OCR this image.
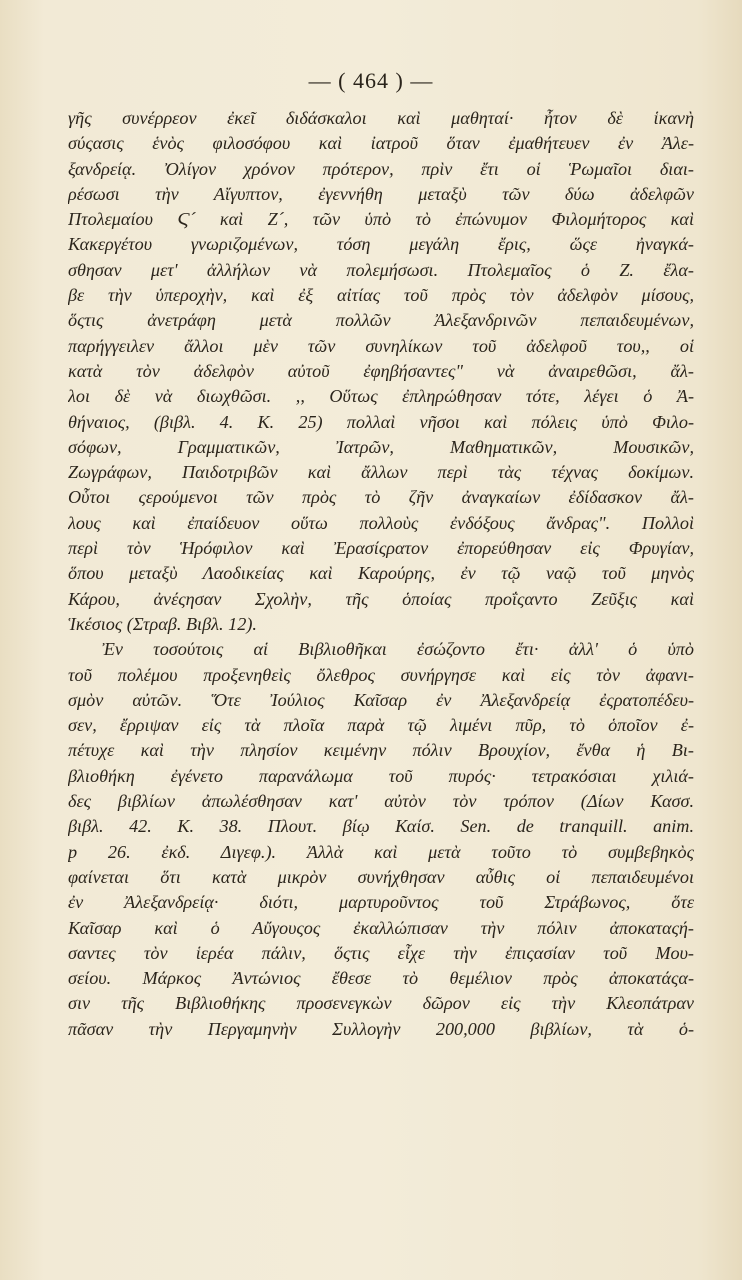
— ( 464 ) —
γῆς συνέρρεον ἐκεῖ διδάσκαλοι καὶ μαθηταί· ἦτον δὲ ἱκανὴ
σύςασις ἑνὸς φιλοσόφου καὶ ἰατροῦ ὅταν ἐμαθήτευεν ἐν Ἀλε-
ξανδρείᾳ. Ὀλίγον χρόνον πρότερον, πρὶν ἔτι οἱ Ῥωμαῖοι διαι-
ρέσωσι τὴν Αἴγυπτον, ἐγεννήθη μεταξὺ τῶν δύω ἀδελφῶν
Πτολεμαίου Ϛ´ καὶ Ζ´, τῶν ὑπὸ τὸ ἐπώνυμον Φιλομήτορος καὶ
Κακεργέτου γνωριζομένων, τόση μεγάλη ἔρις, ὥςε ἠναγκά-
σθησαν μετ' ἀλλήλων νὰ πολεμήσωσι. Πτολεμαῖος ὁ Ζ. ἔλα-
βε τὴν ὑπεροχὴν, καὶ ἐξ αἰτίας τοῦ πρὸς τὸν ἀδελφὸν μίσους,
ὅςτις ἀνετράφη μετὰ πολλῶν Ἀλεξανδρινῶν πεπαιδευμένων,
παρήγγειλεν ἄλλοι μὲν τῶν συνηλίκων τοῦ ἀδελφοῦ του,, οἱ
κατὰ τὸν ἀδελφὸν αὐτοῦ ἐφηβήσαντες" νὰ ἀναιρεθῶσι, ἄλ-
λοι δὲ νὰ διωχθῶσι. ,, Οὕτως ἐπληρώθησαν τότε, λέγει ὁ Ἀ-
θήναιος, (βιβλ. 4. Κ. 25) πολλαὶ νῆσοι καὶ πόλεις ὑπὸ Φιλο-
σόφων, Γραμματικῶν, Ἰατρῶν, Μαθηματικῶν, Μουσικῶν,
Ζωγράφων, Παιδοτριβῶν καὶ ἄλλων περὶ τὰς τέχνας δοκίμων.
Οὗτοι ςερούμενοι τῶν πρὸς τὸ ζῆν ἀναγκαίων ἐδίδασκον ἄλ-
λους καὶ ἐπαίδευον οὕτω πολλοὺς ἐνδόξους ἄνδρας". Πολλοὶ
περὶ τὸν Ἡρόφιλον καὶ Ἐρασίςρατον ἐπορεύθησαν εἰς Φρυγίαν,
ὅπου μεταξὺ Λαοδικείας καὶ Καρούρης, ἐν τῷ ναῷ τοῦ μηνὸς
Κάρου, ἀνέςησαν Σχολὴν, τῆς ὁποίας προΐςαντο Ζεῦξις καὶ
Ἱκέσιος (Στραβ. Βιβλ. 12).
Ἐν τοσούτοις αἱ Βιβλιοθῆκαι ἐσώζοντο ἔτι· ἀλλ' ὁ ὑπὸ
τοῦ πολέμου προξενηθεὶς ὄλεθρος συνήργησε καὶ εἰς τὸν ἀφανι-
σμὸν αὐτῶν. Ὅτε Ἰούλιος Καῖσαρ ἐν Ἀλεξανδρείᾳ ἐςρατοπέδευ-
σεν, ἔρριψαν εἰς τὰ πλοῖα παρὰ τῷ λιμένι πῦρ, τὸ ὁποῖον ἐ-
πέτυχε καὶ τὴν πλησίον κειμένην πόλιν Βρουχίον, ἔνθα ἡ Βι-
βλιοθήκη ἐγένετο παρανάλωμα τοῦ πυρός· τετρακόσιαι χιλιά-
δες βιβλίων ἀπωλέσθησαν κατ' αὐτὸν τὸν τρόπον (Δίων Κασσ.
βιβλ. 42. Κ. 38. Πλουτ. βίῳ Καίσ. Sen. de tranquill. anim.
p 26. ἐκδ. Διγεφ.). Ἀλλὰ καὶ μετὰ τοῦτο τὸ συμβεβηκὸς
φαίνεται ὅτι κατὰ μικρὸν συνήχθησαν αὖθις οἱ πεπαιδευμένοι
ἐν Ἀλεξανδρείᾳ· διότι, μαρτυροῦντος τοῦ Στράβωνος, ὅτε
Καῖσαρ καὶ ὁ Αὔγουςος ἐκαλλώπισαν τὴν πόλιν ἀποκαταςή-
σαντες τὸν ἱερέα πάλιν, ὅςτις εἶχε τὴν ἐπιςασίαν τοῦ Μου-
σείου. Μάρκος Ἀντώνιος ἔθεσε τὸ θεμέλιον πρὸς ἀποκατάςα-
σιν τῆς Βιβλιοθήκης προσενεγκὼν δῶρον εἰς τὴν Κλεοπάτραν
πᾶσαν τὴν Περγαμηνὴν Συλλογὴν 200,000 βιβλίων, τὰ ὁ-
